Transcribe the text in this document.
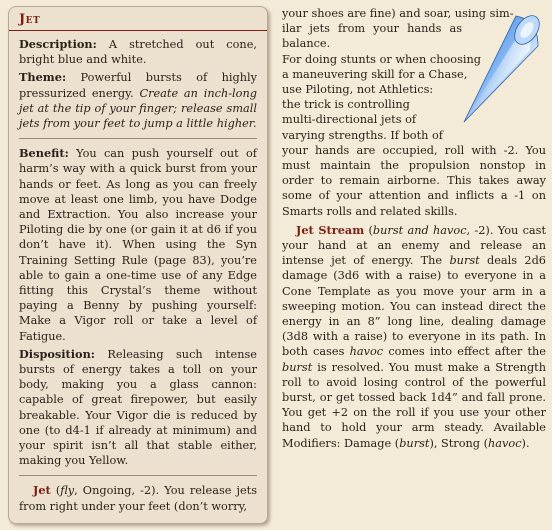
Jet

Description: A stretched out cone, bright blue and white.

Theme: Powerful bursts of highly pressurized energy. Create an inch-long jet at the tip of your finger; release small jets from your feet to jump a little higher.

Benefit: You can push yourself out of harm’s way with a quick burst from your hands or feet. As long as you can freely move at least one limb, you have Dodge and Extraction. You also increase your Piloting die by one (or gain it at d6 if you don’t have it). When using the Syn Training Setting Rule (page 83), you’re able to gain a one-time use of any Edge fitting this Crystal’s theme without paying a Benny by pushing yourself: Make a Vigor roll or take a level of Fatigue.

Disposition: Releasing such intense bursts of energy takes a toll on your body, making you a glass cannon: capable of great firepower, but easily breakable. Your Vigor die is reduced by one (to d4-1 if already at minimum) and your spirit isn’t all that stable either, making you Yellow.

Jet (fly, Ongoing, -2). You release jets from right under your feet (don’t worry,

your shoes are fine) and soar, using sim-
ilar jets from your hands as balance.
For doing stunts or when choosing
a maneuvering skill for a Chase,
use Piloting, not Athletics:
the trick is controlling
multi-directional jets of
varying strengths. If both of
your hands are occupied, roll with -2. You must maintain the propulsion nonstop in order to remain airborne. This takes away some of your attention and inflicts a -1 on Smarts rolls and related skills.

Jet Stream (burst and havoc, -2). You cast your hand at an enemy and release an intense jet of energy. The burst deals 2d6 damage (3d6 with a raise) to everyone in a Cone Template as you move your arm in a sweeping motion. You can instead direct the energy in an 8” long line, dealing damage (3d8 with a raise) to everyone in its path. In both cases havoc comes into effect after the burst is resolved. You must make a Strength roll to avoid losing control of the powerful burst, or get tossed back 1d4” and fall prone. You get +2 on the roll if you use your other hand to hold your arm steady. Available Modifiers: Damage (burst), Strong (havoc).
